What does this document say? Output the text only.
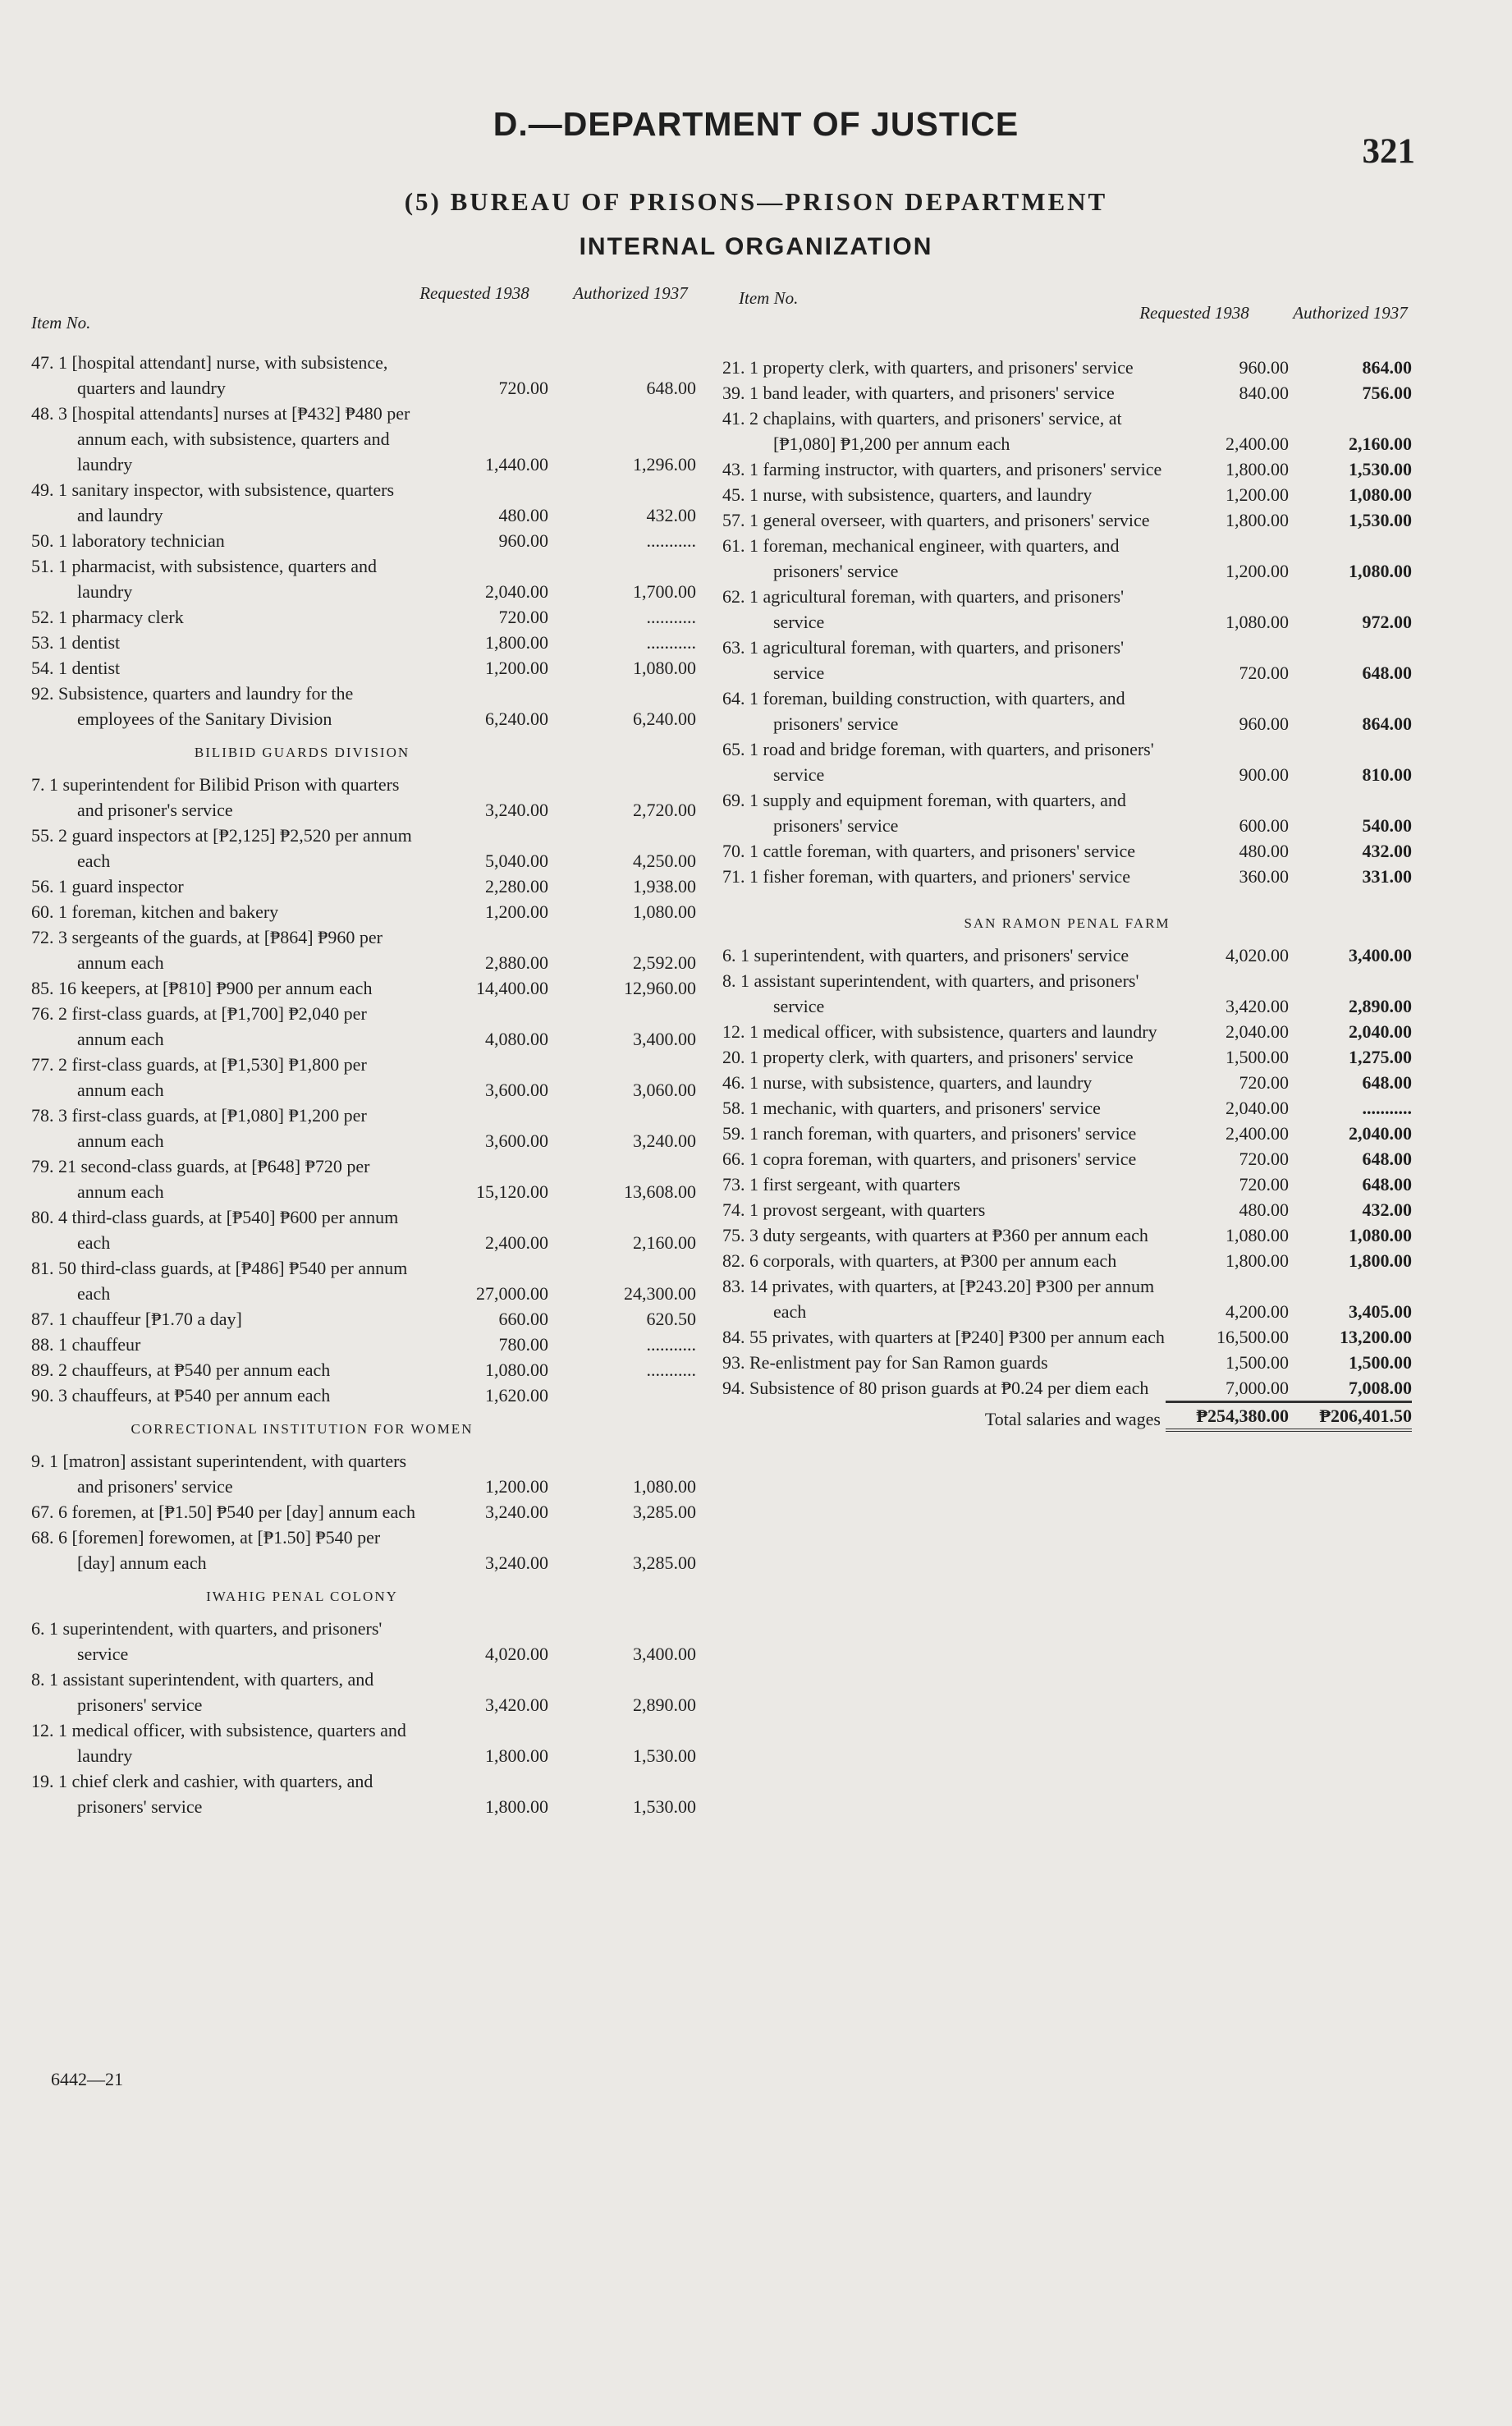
D.—DEPARTMENT OF JUSTICE
321
(5) BUREAU OF PRISONS—PRISON DEPARTMENT
INTERNAL ORGANIZATION
Item No.
Requested 1938	Authorized 1937
47. 1 [hospital attendant] nurse, with subsistence, quarters and laundry	720.00	648.00
48. 3 [hospital attendants] nurses at [₱432] ₱480 per annum each, with subsistence, quarters and laundry	1,440.00	1,296.00
49. 1 sanitary inspector, with subsistence, quarters and laundry	480.00	432.00
50. 1 laboratory technician	960.00	...........
51. 1 pharmacist, with subsistence, quarters and laundry	2,040.00	1,700.00
52. 1 pharmacy clerk	720.00	...........
53. 1 dentist	1,800.00	...........
54. 1 dentist	1,200.00	1,080.00
92. Subsistence, quarters and laundry for the employees of the Sanitary Division	6,240.00	6,240.00
BILIBID GUARDS DIVISION
7. 1 superintendent for Bilibid Prison with quarters and prisoner's service	3,240.00	2,720.00
55. 2 guard inspectors at [₱2,125] ₱2,520 per annum each	5,040.00	4,250.00
56. 1 guard inspector	2,280.00	1,938.00
60. 1 foreman, kitchen and bakery	1,200.00	1,080.00
72. 3 sergeants of the guards, at [₱864] ₱960 per annum each	2,880.00	2,592.00
85. 16 keepers, at [₱810] ₱900 per annum each	14,400.00	12,960.00
76. 2 first-class guards, at [₱1,700] ₱2,040 per annum each	4,080.00	3,400.00
77. 2 first-class guards, at [₱1,530] ₱1,800 per annum each	3,600.00	3,060.00
78. 3 first-class guards, at [₱1,080] ₱1,200 per annum each	3,600.00	3,240.00
79. 21 second-class guards, at [₱648] ₱720 per annum each	15,120.00	13,608.00
80. 4 third-class guards, at [₱540] ₱600 per annum each	2,400.00	2,160.00
81. 50 third-class guards, at [₱486] ₱540 per annum each	27,000.00	24,300.00
87. 1 chauffeur [₱1.70 a day]	660.00	620.50
88. 1 chauffeur	780.00	...........
89. 2 chauffeurs, at ₱540 per annum each	1,080.00	...........
90. 3 chauffeurs, at ₱540 per annum each	1,620.00
CORRECTIONAL INSTITUTION FOR WOMEN
9. 1 [matron] assistant superintendent, with quarters and prisoners' service	1,200.00	1,080.00
67. 6 foremen, at [₱1.50] ₱540 per [day] annum each	3,240.00	3,285.00
68. 6 [foremen] forewomen, at [₱1.50] ₱540 per [day] annum each	3,240.00	3,285.00
IWAHIG PENAL COLONY
6. 1 superintendent, with quarters, and prisoners' service	4,020.00	3,400.00
8. 1 assistant superintendent, with quarters, and prisoners' service	3,420.00	2,890.00
12. 1 medical officer, with subsistence, quarters and laundry	1,800.00	1,530.00
19. 1 chief clerk and cashier, with quarters, and prisoners' service	1,800.00	1,530.00
Item No.
Requested 1938	Authorized 1937
21. 1 property clerk, with quarters, and prisoners' service	960.00	864.00
39. 1 band leader, with quarters, and prisoners' service	840.00	756.00
41. 2 chaplains, with quarters, and prisoners' service, at [₱1,080] ₱1,200 per annum each	2,400.00	2,160.00
43. 1 farming instructor, with quarters, and prisoners' service	1,800.00	1,530.00
45. 1 nurse, with subsistence, quarters, and laundry	1,200.00	1,080.00
57. 1 general overseer, with quarters, and prisoners' service	1,800.00	1,530.00
61. 1 foreman, mechanical engineer, with quarters, and prisoners' service	1,200.00	1,080.00
62. 1 agricultural foreman, with quarters, and prisoners' service	1,080.00	972.00
63. 1 agricultural foreman, with quarters, and prisoners' service	720.00	648.00
64. 1 foreman, building construction, with quarters, and prisoners' service	960.00	864.00
65. 1 road and bridge foreman, with quarters, and prisoners' service	900.00	810.00
69. 1 supply and equipment foreman, with quarters, and prisoners' service	600.00	540.00
70. 1 cattle foreman, with quarters, and prisoners' service	480.00	432.00
71. 1 fisher foreman, with quarters, and prioners' service	360.00	331.00
SAN RAMON PENAL FARM
6. 1 superintendent, with quarters, and prisoners' service	4,020.00	3,400.00
8. 1 assistant superintendent, with quarters, and prisoners' service	3,420.00	2,890.00
12. 1 medical officer, with subsistence, quarters and laundry	2,040.00	2,040.00
20. 1 property clerk, with quarters, and prisoners' service	1,500.00	1,275.00
46. 1 nurse, with subsistence, quarters, and laundry	720.00	648.00
58. 1 mechanic, with quarters, and prisoners' service	2,040.00	...........
59. 1 ranch foreman, with quarters, and prisoners' service	2,400.00	2,040.00
66. 1 copra foreman, with quarters, and prisoners' service	720.00	648.00
73. 1 first sergeant, with quarters	720.00	648.00
74. 1 provost sergeant, with quarters	480.00	432.00
75. 3 duty sergeants, with quarters at ₱360 per annum each	1,080.00	1,080.00
82. 6 corporals, with quarters, at ₱300 per annum each	1,800.00	1,800.00
83. 14 privates, with quarters, at [₱243.20] ₱300 per annum each	4,200.00	3,405.00
84. 55 privates, with quarters at [₱240] ₱300 per annum each	16,500.00	13,200.00
93. Re-enlistment pay for San Ramon guards	1,500.00	1,500.00
94. Subsistence of 80 prison guards at ₱0.24 per diem each	7,000.00	7,008.00
Total salaries and wages	₱254,380.00	₱206,401.50
6442—21
